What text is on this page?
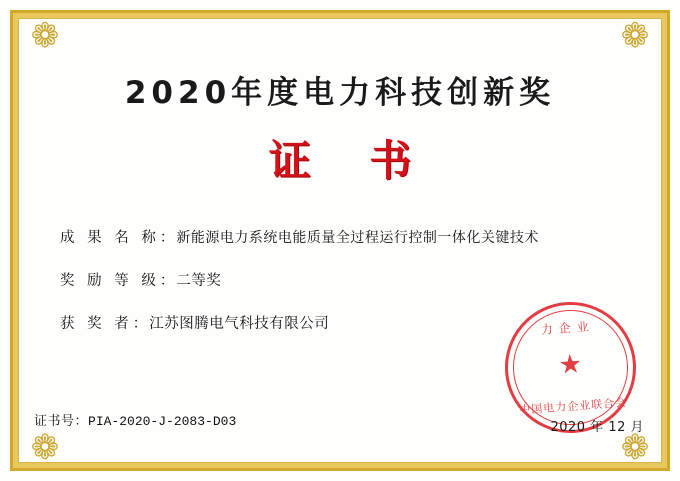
❁	❁
❁	❁
2020年度电力科技创新奖
证 书
成 果 名 称 ： 新能源电力系统电能质量全过程运行控制一体化关键技术
奖 励 等 级 ： 二等奖
获 奖 者 ： 江苏图腾电气科技有限公司
证书号：PIA-2020-J-2083-D03
力企业
★
中国电力企业联合会
2020 年 12 月
